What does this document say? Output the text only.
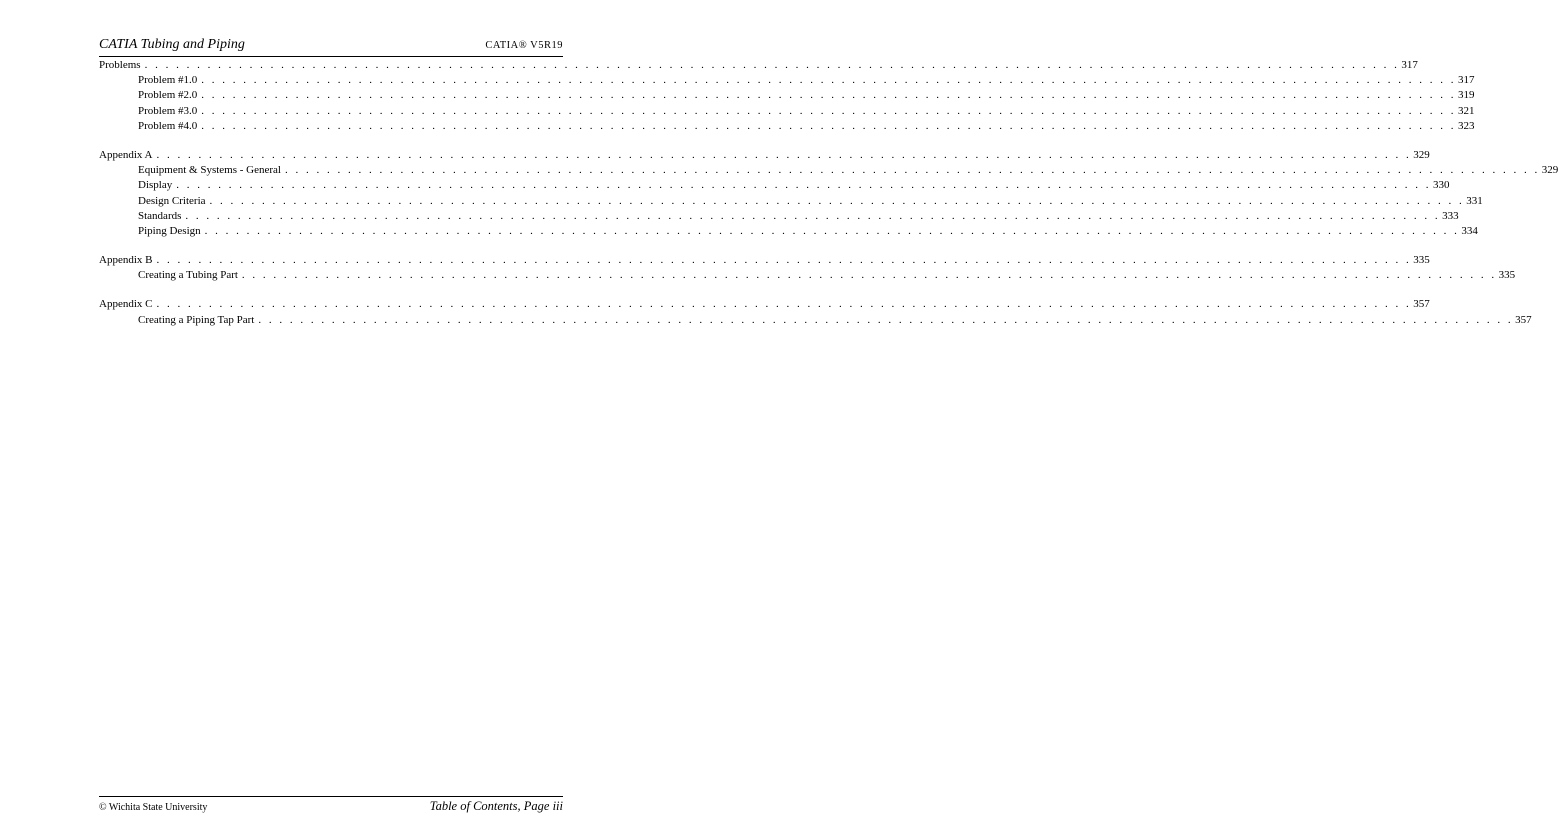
CATIA Tubing and Piping	CATIA® V5R19
Problems . . . . . . . . . . . . . . . . . . . . . . . . . . . . . . . . . . . . . . . . . . . . . . . . . . . . . . . . . . . . . . . . . . . . . . . . . . . . . . . . . . . . . . . . . . . . . . . . . . . . . . . . . . . . . . . . . . . . . . . . 317
Problem #1.0 . . . . . . . . . . . . . . . . . . . . . . . . . . . . . . . . . . . . . . . . . . . . . . . . . . . . . . . . . . . . . . . . . . . . . . . . . . . . . . . . . . . . . . . . . . . . . . . . . . . . . . . . . . . . . . . . . . . . . . . . 317
Problem #2.0 . . . . . . . . . . . . . . . . . . . . . . . . . . . . . . . . . . . . . . . . . . . . . . . . . . . . . . . . . . . . . . . . . . . . . . . . . . . . . . . . . . . . . . . . . . . . . . . . . . . . . . . . . . . . . . . . . . . . . . . . 319
Problem #3.0 . . . . . . . . . . . . . . . . . . . . . . . . . . . . . . . . . . . . . . . . . . . . . . . . . . . . . . . . . . . . . . . . . . . . . . . . . . . . . . . . . . . . . . . . . . . . . . . . . . . . . . . . . . . . . . . . . . . . . . . . 321
Problem #4.0 . . . . . . . . . . . . . . . . . . . . . . . . . . . . . . . . . . . . . . . . . . . . . . . . . . . . . . . . . . . . . . . . . . . . . . . . . . . . . . . . . . . . . . . . . . . . . . . . . . . . . . . . . . . . . . . . . . . . . . . . 323
Appendix A . . . . . . . . . . . . . . . . . . . . . . . . . . . . . . . . . . . . . . . . . . . . . . . . . . . . . . . . . . . . . . . . . . . . . . . . . . . . . . . . . . . . . . . . . . . . . . . . . . . . . . . . . . . . . . . . . . . . . . . . 329
Equipment & Systems - General . . . . . . . . . . . . . . . . . . . . . . . . . . . . . . . . . . . . . . . . . . . . . . . . . . . . . . . . . . . . . . . . . . . . . . . . . . . . . . . . . . . . . . . . . . . . . . . . . . . . . . . . . . . . . . . . . . . . . . . . 329
Display . . . . . . . . . . . . . . . . . . . . . . . . . . . . . . . . . . . . . . . . . . . . . . . . . . . . . . . . . . . . . . . . . . . . . . . . . . . . . . . . . . . . . . . . . . . . . . . . . . . . . . . . . . . . . . . . . . . . . . . . 330
Design Criteria . . . . . . . . . . . . . . . . . . . . . . . . . . . . . . . . . . . . . . . . . . . . . . . . . . . . . . . . . . . . . . . . . . . . . . . . . . . . . . . . . . . . . . . . . . . . . . . . . . . . . . . . . . . . . . . . . . . . . . . . 331
Standards . . . . . . . . . . . . . . . . . . . . . . . . . . . . . . . . . . . . . . . . . . . . . . . . . . . . . . . . . . . . . . . . . . . . . . . . . . . . . . . . . . . . . . . . . . . . . . . . . . . . . . . . . . . . . . . . . . . . . . . . 333
Piping Design . . . . . . . . . . . . . . . . . . . . . . . . . . . . . . . . . . . . . . . . . . . . . . . . . . . . . . . . . . . . . . . . . . . . . . . . . . . . . . . . . . . . . . . . . . . . . . . . . . . . . . . . . . . . . . . . . . . . . . . . 334
Appendix B . . . . . . . . . . . . . . . . . . . . . . . . . . . . . . . . . . . . . . . . . . . . . . . . . . . . . . . . . . . . . . . . . . . . . . . . . . . . . . . . . . . . . . . . . . . . . . . . . . . . . . . . . . . . . . . . . . . . . . . . 335
Creating a Tubing Part . . . . . . . . . . . . . . . . . . . . . . . . . . . . . . . . . . . . . . . . . . . . . . . . . . . . . . . . . . . . . . . . . . . . . . . . . . . . . . . . . . . . . . . . . . . . . . . . . . . . . . . . . . . . . . . . . . . . . . . . 335
Appendix C . . . . . . . . . . . . . . . . . . . . . . . . . . . . . . . . . . . . . . . . . . . . . . . . . . . . . . . . . . . . . . . . . . . . . . . . . . . . . . . . . . . . . . . . . . . . . . . . . . . . . . . . . . . . . . . . . . . . . . . . 357
Creating a Piping Tap Part . . . . . . . . . . . . . . . . . . . . . . . . . . . . . . . . . . . . . . . . . . . . . . . . . . . . . . . . . . . . . . . . . . . . . . . . . . . . . . . . . . . . . . . . . . . . . . . . . . . . . . . . . . . . . . . . . . . . . . . . 357
© Wichita State University	Table of Contents, Page iii
